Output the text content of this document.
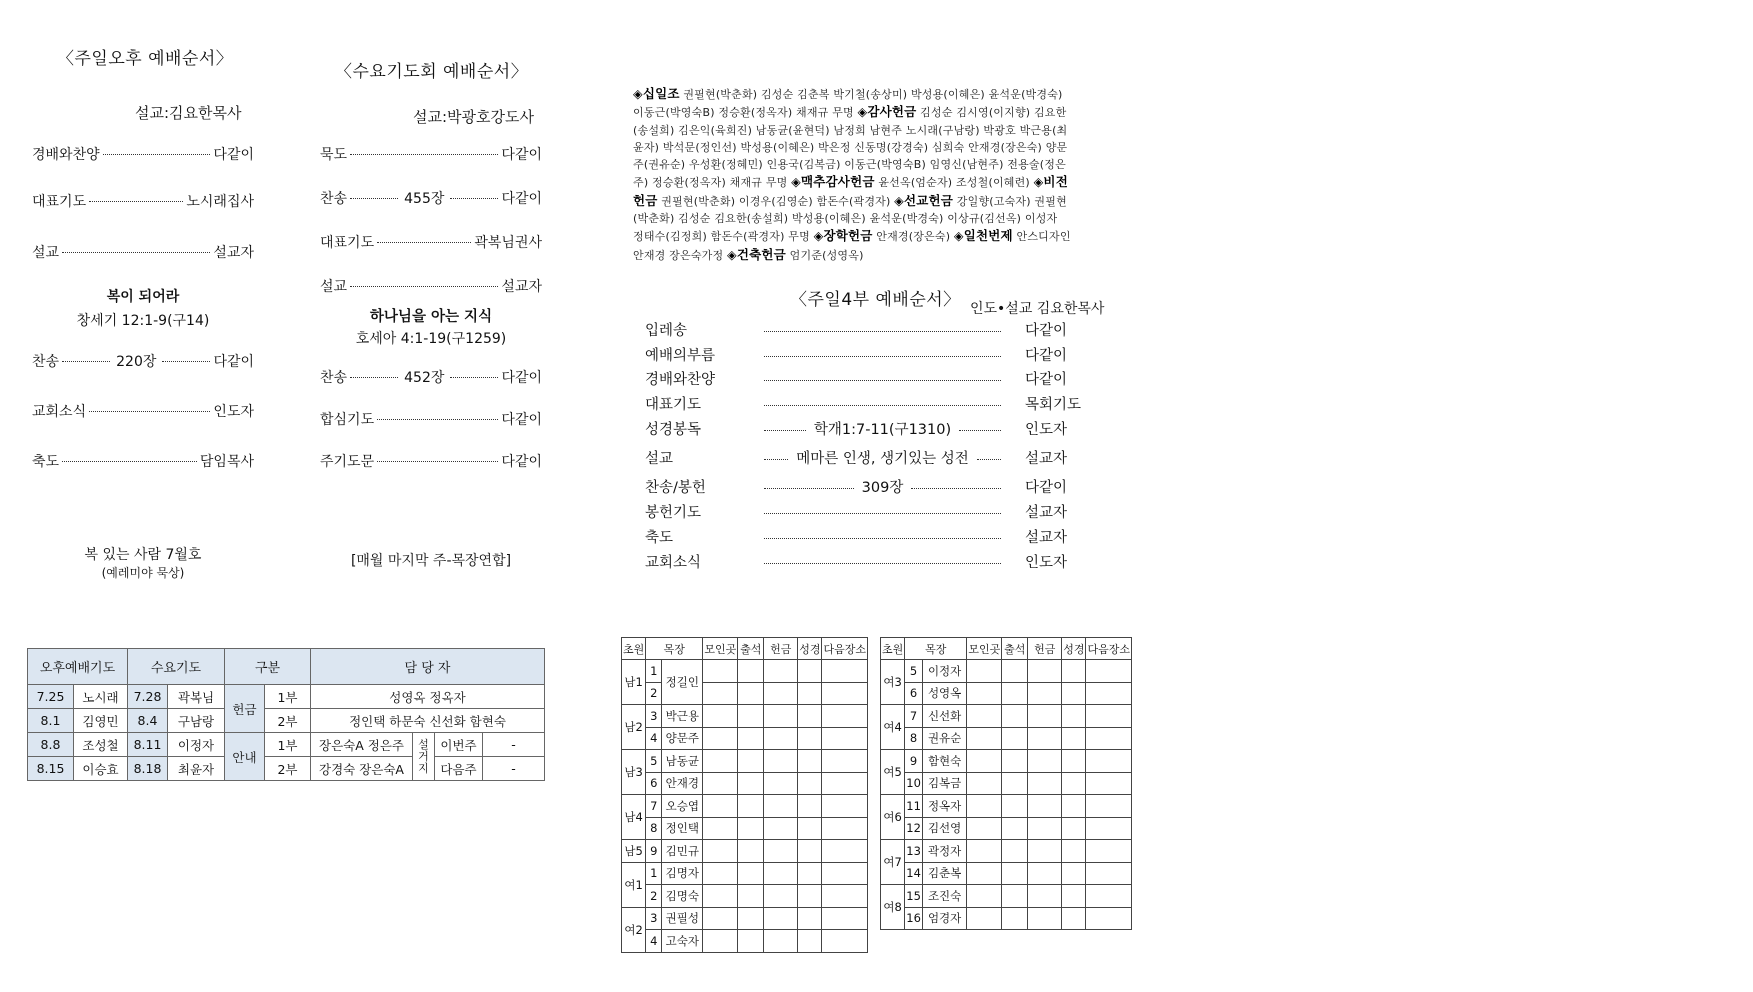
〈주일오후 예배순서〉
설교:김요한목사
경배와찬양	다같이
대표기도	노시래집사
설교	설교자
복이 되어라
창세기 12:1-9(구14)
찬송	220장	다같이
교회소식	인도자
축도	담임목사
복 있는 사람 7월호
(예레미야 묵상)
〈수요기도회 예배순서〉
설교:박광호강도사
묵도	다같이
찬송	455장	다같이
대표기도	곽복님권사
설교	설교자
하나님을 아는 지식
호세아 4:1-19(구1259)
찬송	452장	다같이
합심기도	다같이
주기도문	다같이
[매월 마지막 주-목장연합]
◈십일조 권필현(박춘화) 김성순 김춘복 박기철(송상미) 박성용(이혜은) 윤석운(박경숙)
이동근(박영숙B) 정승환(정옥자) 채재규 무명 ◈감사헌금 김성순 김시영(이지향) 김요한
(송설희) 김은익(육희진) 남동균(윤현덕) 남정희 남현주 노시래(구남랑) 박광호 박근용(최
윤자) 박석문(정인선) 박성용(이혜은) 박은정 신동명(강경숙) 심희숙 안재경(장은숙) 양문
주(권유순) 우성환(정혜민) 인용국(김복금) 이동근(박영숙B) 임영신(남현주) 전용술(정은
주) 정승환(정옥자) 채재규 무명 ◈맥추감사헌금 윤선옥(엄순자) 조성철(이혜련) ◈비전
헌금 권필현(박춘화) 이경우(김영순) 함돈수(곽경자) ◈선교헌금 강일향(고숙자) 권필현
(박춘화) 김성순 김요한(송설희) 박성용(이혜은) 윤석운(박경숙) 이상규(김선옥) 이성자
정태수(김정희) 함돈수(곽경자) 무명 ◈장학헌금 안재경(장은숙) ◈일천번제 안스디자인
안재경 장은숙가정 ◈건축헌금 엄기준(성영옥)
〈주일4부 예배순서〉 인도•설교 김요한목사
입레송	다같이
예배의부름	다같이
경배와찬양	다같이
대표기도	목회기도
성경봉독	학개1:7-11(구1310)	인도자
설교	메마른 인생, 생기있는 성전	설교자
찬송/봉헌	309장	다같이
봉헌기도	설교자
축도	설교자
교회소식	인도자
오후예배기도		수요기도		구분		담 당 자			
7.25	노시래	7.28	곽복님	헌금	1부	성영옥 정옥자			
8.1	김영민	8.4	구남랑		2부	정인택 하문숙 신선화 함현숙			
8.8	조성철	8.11	이정자	안내	1부	장은숙A 정은주	설거지	이번주	-
8.15	이승효	8.18	최윤자		2부	강경숙 장은숙A		다음주	-
초원	목장		모인곳	출석	헌금	성경	다음장소
남1	1	정길인					
	2						
남2	3	박근용					
	4	양문주					
남3	5	남동균					
	6	안재경					
남4	7	오승엽					
	8	정인택					
남5	9	김민규					
여1	1	김명자					
	2	김명숙					
여2	3	권필성					
	4	고숙자					
초원	목장		모인곳	출석	헌금	성경	다음장소
여3	5	이정자					
	6	성영옥					
여4	7	신선화					
	8	권유순					
여5	9	함현숙					
	10	김복금					
여6	11	정옥자					
	12	김선영					
여7	13	곽정자					
	14	김춘복					
여8	15	조진숙					
	16	엄경자					
